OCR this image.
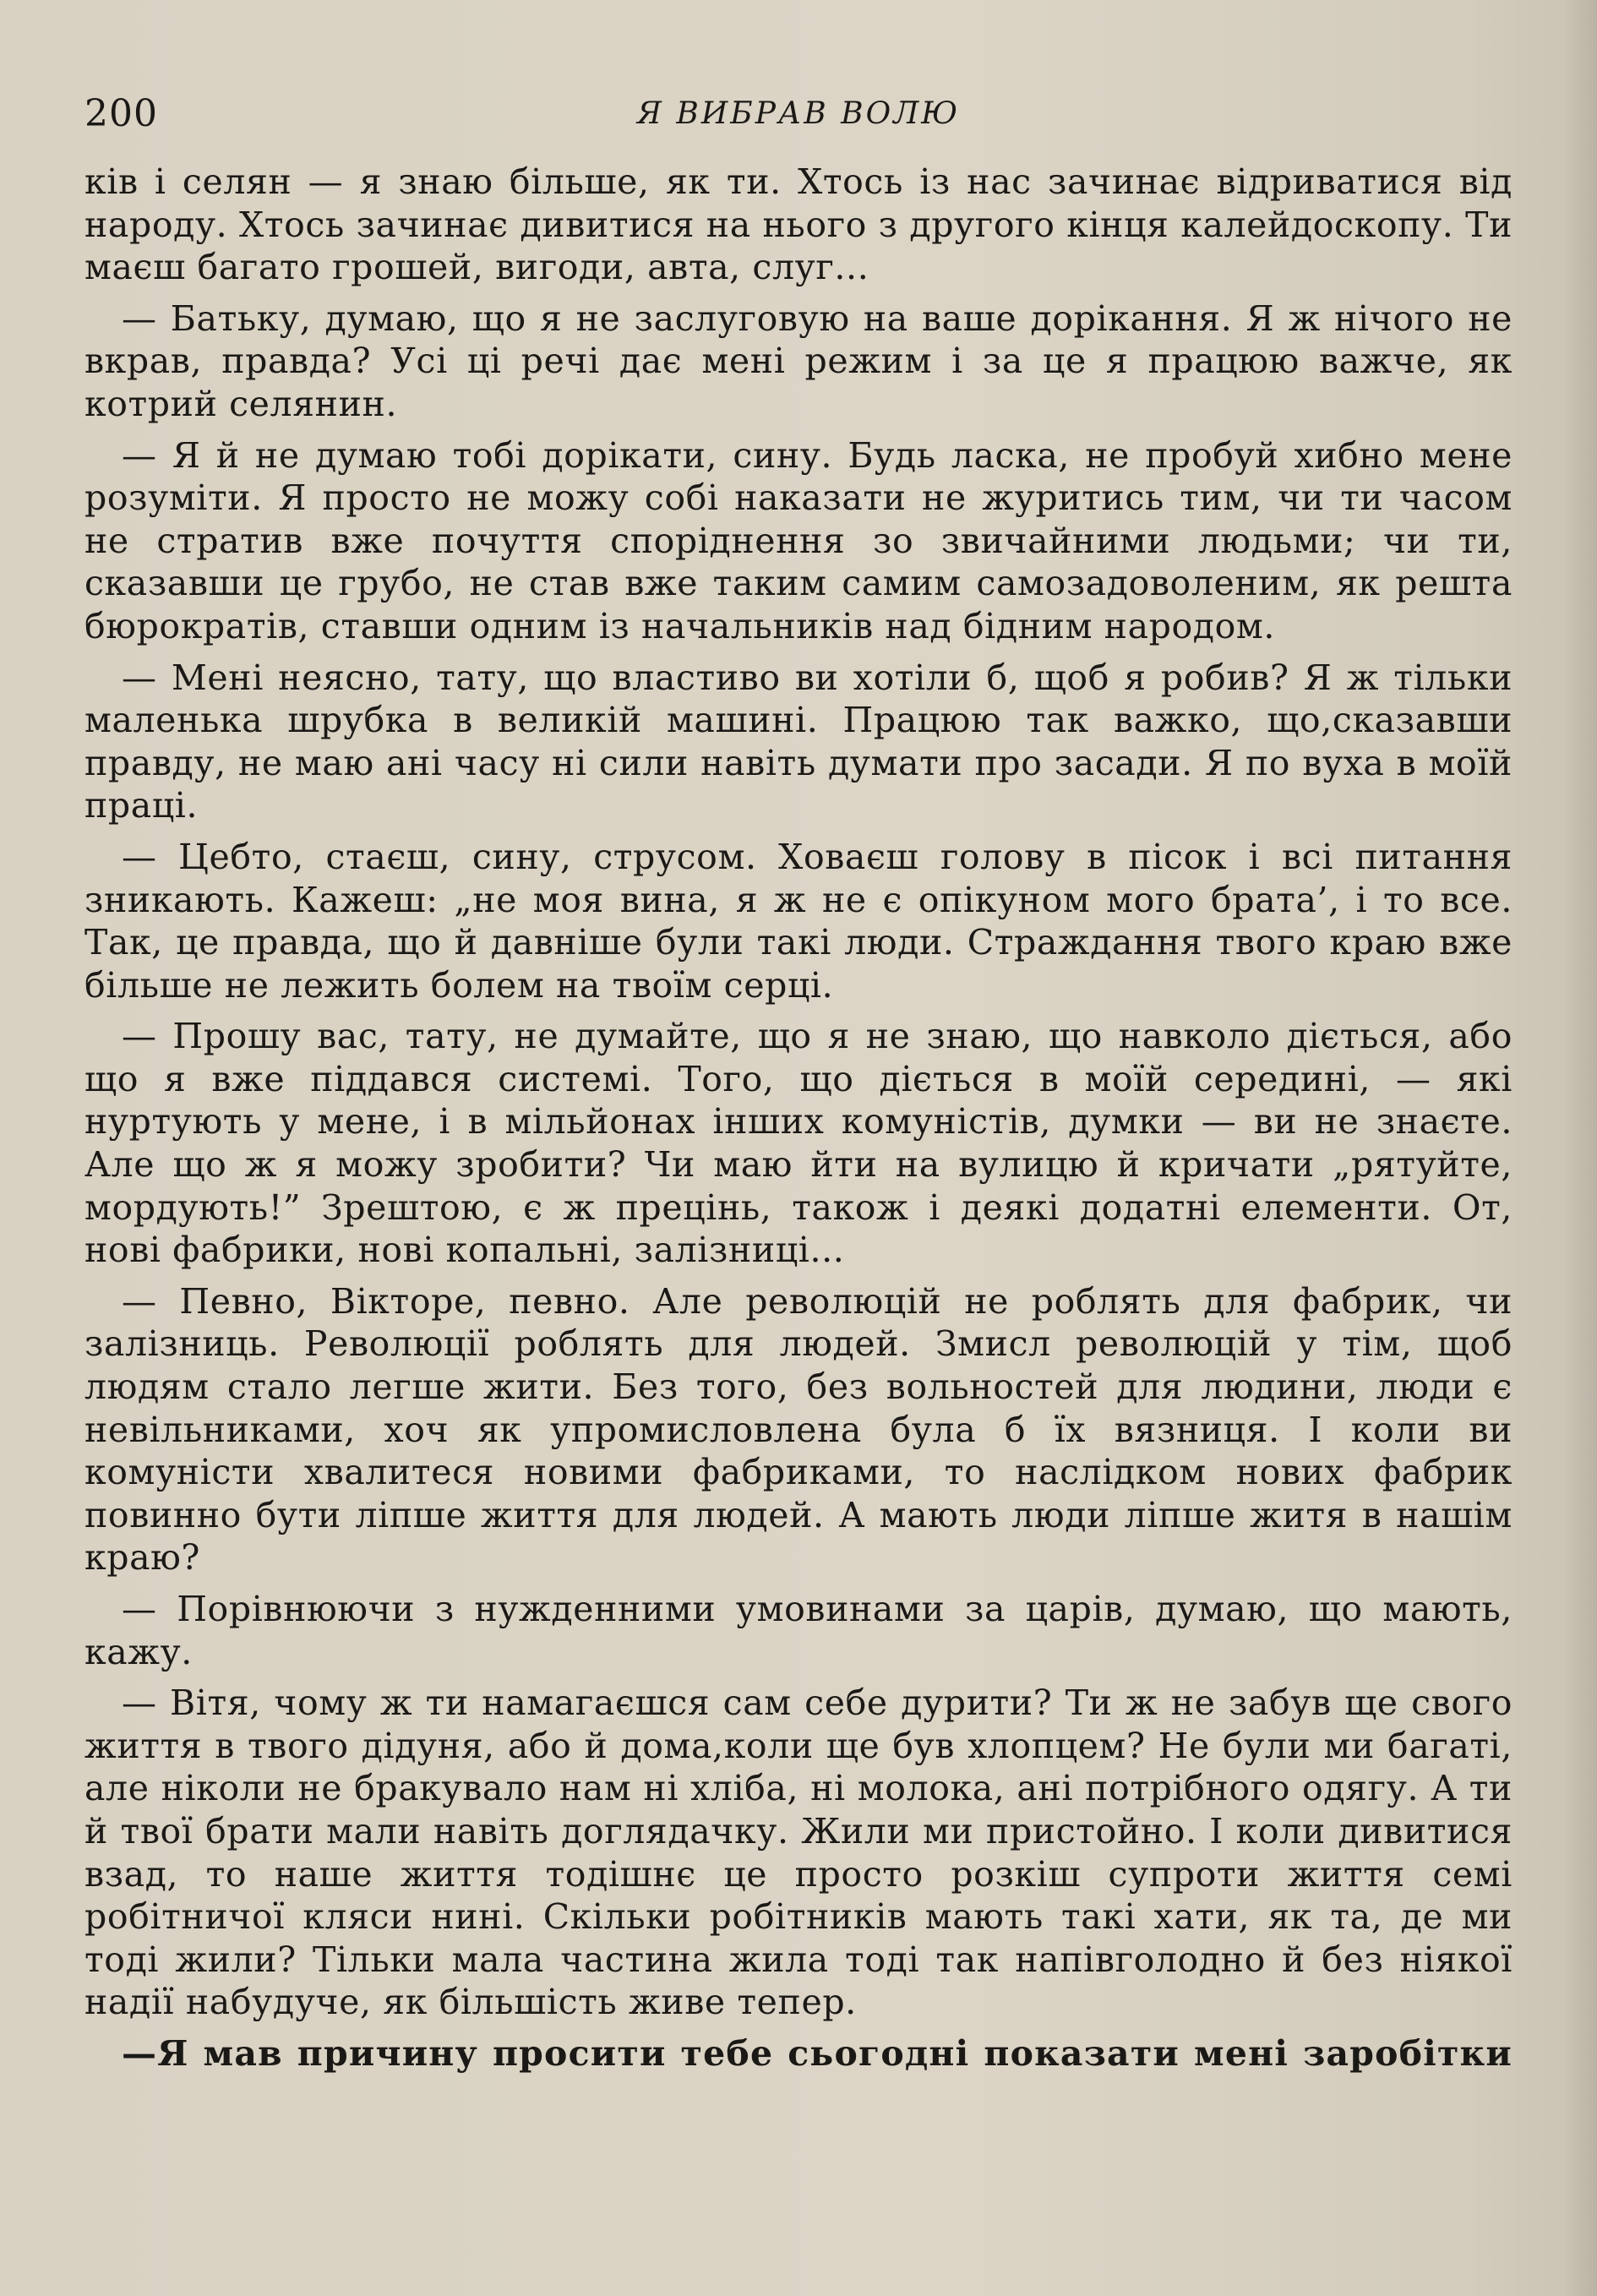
200	Я ВИБРАВ ВОЛЮ

ків і селян — я знаю більше, як ти. Хтось із нас зачинає відриватися від народу. Хтось зачинає дивитися на нього з другого кінця калейдоскопу. Ти маєш багато грошей, вигоди, авта, слуг...

— Батьку, думаю, що я не заслуговую на ваше дорікання. Я ж нічого не вкрав, правда? Усі ці речі дає мені режим і за це я працюю важче, як котрий селянин.

— Я й не думаю тобі дорікати, сину. Будь ласка, не пробуй хибно мене розуміти. Я просто не можу собі наказати не журитись тим, чи ти часом не стратив вже почуття споріднення зо звичайними людьми; чи ти, сказавши це грубо, не став вже таким самим самозадоволеним, як решта бюрократів, ставши одним із начальників над бідним народом.

— Мені неясно, тату, що властиво ви хотіли б, щоб я робив? Я ж тільки маленька шрубка в великій машині. Працюю так важко, що,сказавши правду, не маю ані часу ні сили навіть думати про засади. Я по вуха в моїй праці.

— Цебто, стаєш, сину, струсом. Ховаєш голову в пісок і всі питання зникають. Кажеш: „не моя вина, я ж не є опікуном мого брата’, і то все. Так, це правда, що й давніше були такі люди. Страждання твого краю вже більше не лежить болем на твоїм серці.

— Прошу вас, тату, не думайте, що я не знаю, що навколо діється, або що я вже піддався системі. Того, що діється в моїй середині, — які нуртують у мене, і в мільйонах інших комуністів, думки — ви не знаєте. Але що ж я можу зробити? Чи маю йти на вулицю й кричати „рятуйте, мордують!” Зрештою, є ж прецінь, також і деякі додатні елементи. От, нові фабрики, нові копальні, залізниці...

— Певно, Вікторе, певно. Але революцій не роблять для фабрик, чи залізниць. Революції роблять для людей. Змисл революцій у тім, щоб людям стало легше жити. Без того, без вольностей для людини, люди є невільниками, хоч як упромисловлена була б їх вязниця. І коли ви комуністи хвалитеся новими фабриками, то наслідком нових фабрик повинно бути ліпше життя для людей. А мають люди ліпше житя в нашім краю?

— Порівнюючи з нужденними умовинами за царів, думаю, що мають, кажу.

— Вітя, чому ж ти намагаєшся сам себе дурити? Ти ж не забув ще свого життя в твого дідуня, або й дома,коли ще був хлопцем? Не були ми багаті, але ніколи не бракувало нам ні хліба, ні молока, ані потрібного одягу. А ти й твої брати мали навіть доглядачку. Жили ми пристойно. І коли дивитися взад, то наше життя тодішнє це просто розкіш супроти життя семі робітничої кляси нині. Скільки робітників мають такі хати, як та, де ми тоді жили? Тільки мала частина жила тоді так напівголодно й без ніякої надії набудуче, як більшість живе тепер.

—Я мав причину просити тебе сьогодні показати мені заробітки
